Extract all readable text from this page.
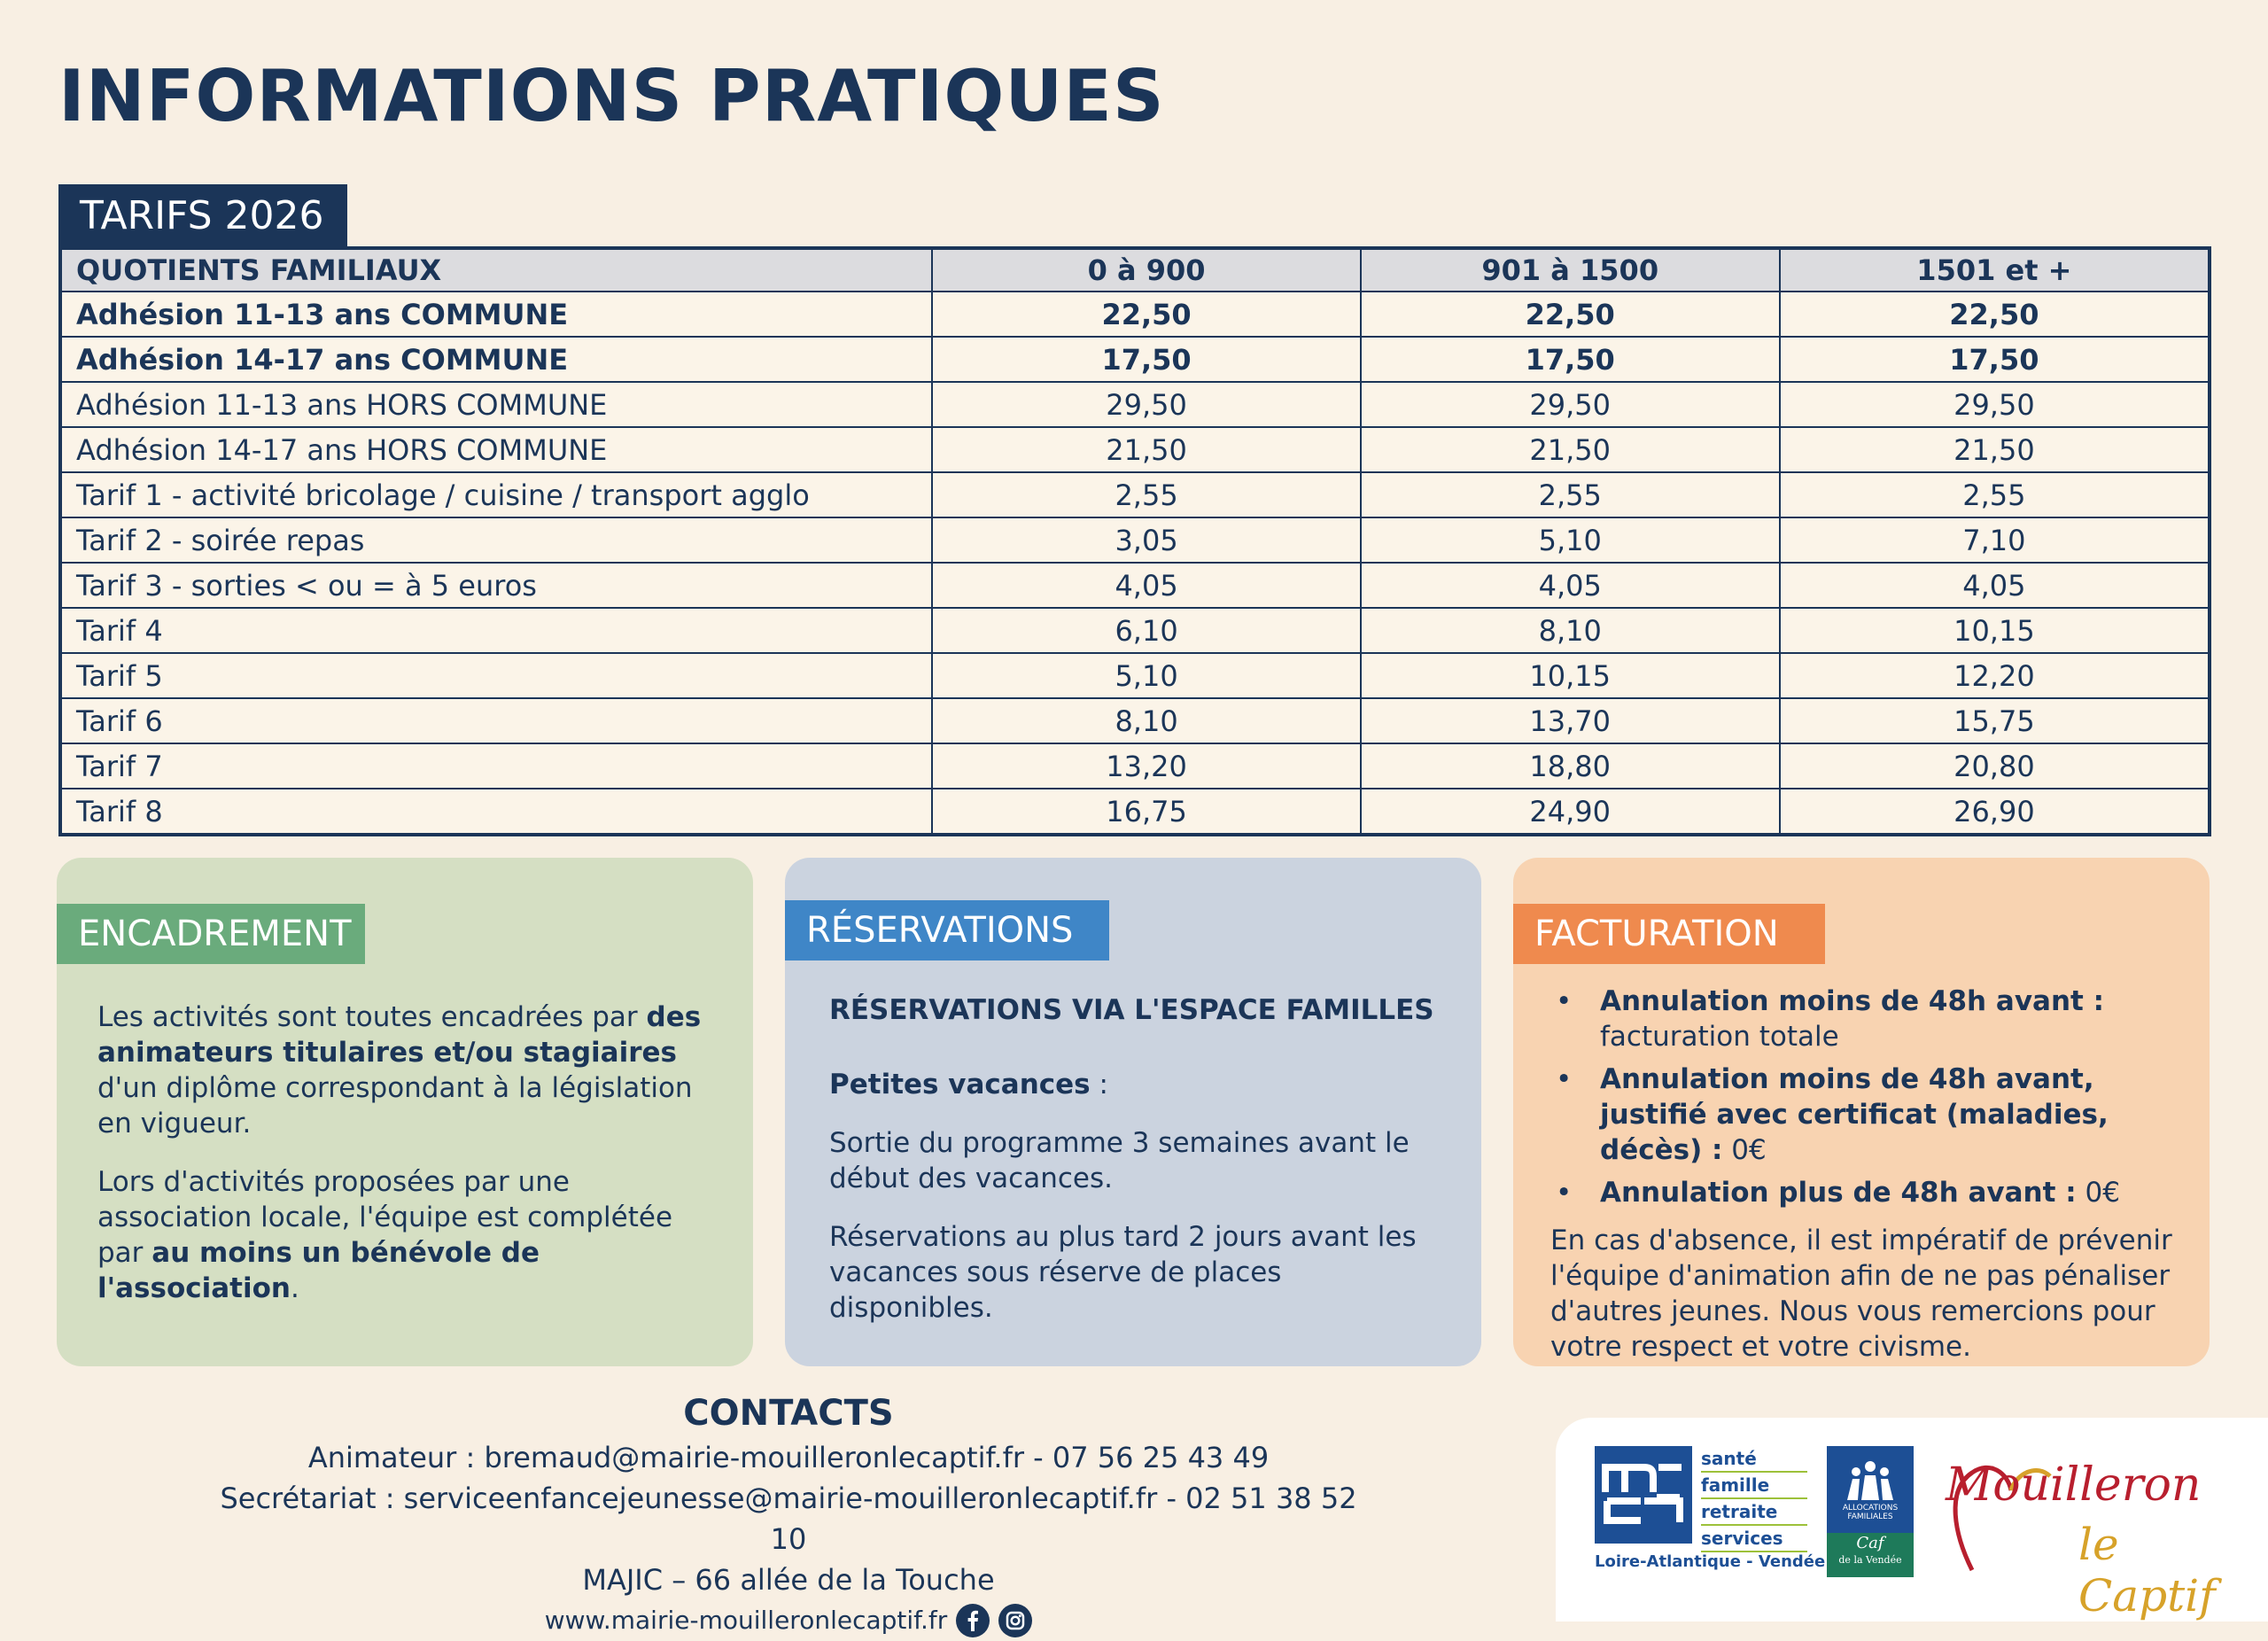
INFORMATIONS PRATIQUES
TARIFS 2026
QUOTIENTS FAMILIAUX	0 à 900	901 à 1500	1501 et +
Adhésion 11-13 ans COMMUNE	22,50	22,50	22,50
Adhésion 14-17 ans COMMUNE	17,50	17,50	17,50
Adhésion 11-13 ans HORS COMMUNE	29,50	29,50	29,50
Adhésion 14-17 ans HORS COMMUNE	21,50	21,50	21,50
Tarif 1 - activité bricolage / cuisine / transport agglo	2,55	2,55	2,55
Tarif 2 - soirée repas	3,05	5,10	7,10
Tarif 3 - sorties < ou = à 5 euros	4,05	4,05	4,05
Tarif 4	6,10	8,10	10,15
Tarif 5	5,10	10,15	12,20
Tarif 6	8,10	13,70	15,75
Tarif 7	13,20	18,80	20,80
Tarif 8	16,75	24,90	26,90
ENCADREMENT

Les activités sont toutes encadrées par des animateurs titulaires et/ou stagiaires d'un diplôme correspondant à la législation en vigueur.

Lors d'activités proposées par une association locale, l'équipe est complétée par au moins un bénévole de l'association.

RÉSERVATIONS

RÉSERVATIONS VIA L'ESPACE FAMILLES

Petites vacances :

Sortie du programme 3 semaines avant le début des vacances.

Réservations au plus tard 2 jours avant les vacances sous réserve de places disponibles.

FACTURATION
• Annulation moins de 48h avant : facturation totale
• Annulation moins de 48h avant, justifié avec certificat (maladies, décès) : 0€
• Annulation plus de 48h avant : 0€

En cas d'absence, il est impératif de prévenir l'équipe d'animation afin de ne pas pénaliser d'autres jeunes. Nous vous remercions pour votre respect et votre civisme.

CONTACTS
Animateur : bremaud@mairie-mouilleronlecaptif.fr - 07 56 25 43 49
Secrétariat : serviceenfancejeunesse@mairie-mouilleronlecaptif.fr - 02 51 38 52 10
MAJIC – 66 allée de la Touche
www.mairie-mouilleronlecaptif.fr
santé
famille
retraite
services
Loire-Atlantique - Vendée
ALLOCATIONS FAMILIALES
Caf
de la Vendée
Mouilleron
le Captif
